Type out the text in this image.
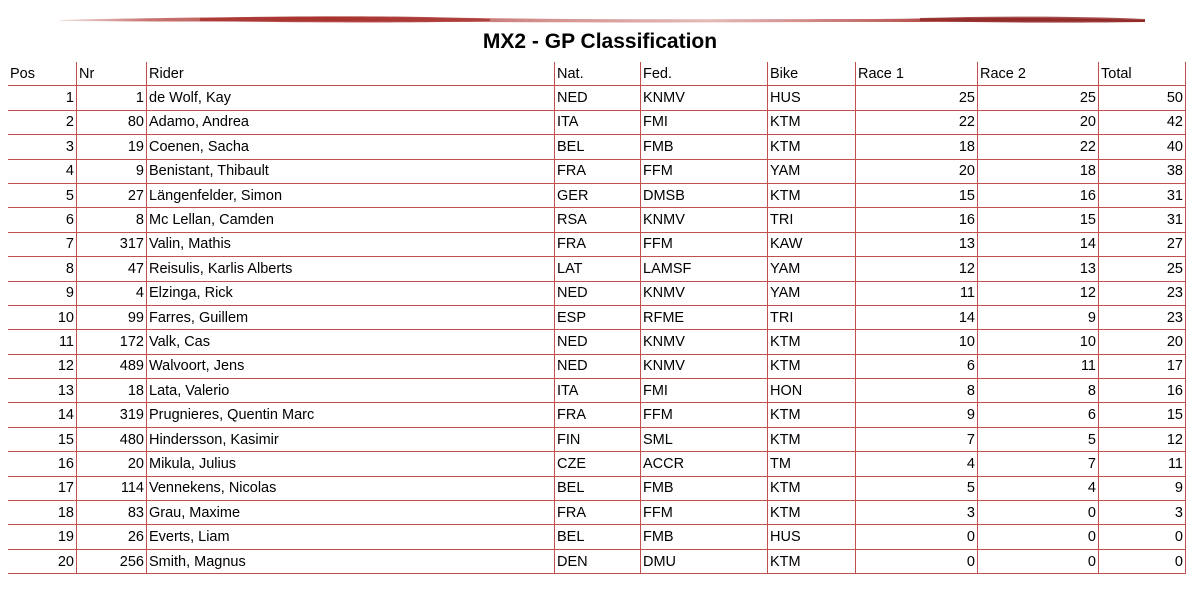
MX2 - GP Classification
Pos	Nr	Rider	Nat.	Fed.	Bike	Race 1	Race 2	Total
1	1	de Wolf, Kay	NED	KNMV	HUS	25	25	50
2	80	Adamo, Andrea	ITA	FMI	KTM	22	20	42
3	19	Coenen, Sacha	BEL	FMB	KTM	18	22	40
4	9	Benistant, Thibault	FRA	FFM	YAM	20	18	38
5	27	Längenfelder, Simon	GER	DMSB	KTM	15	16	31
6	8	Mc Lellan, Camden	RSA	KNMV	TRI	16	15	31
7	317	Valin, Mathis	FRA	FFM	KAW	13	14	27
8	47	Reisulis, Karlis Alberts	LAT	LAMSF	YAM	12	13	25
9	4	Elzinga, Rick	NED	KNMV	YAM	11	12	23
10	99	Farres, Guillem	ESP	RFME	TRI	14	9	23
11	172	Valk, Cas	NED	KNMV	KTM	10	10	20
12	489	Walvoort, Jens	NED	KNMV	KTM	6	11	17
13	18	Lata, Valerio	ITA	FMI	HON	8	8	16
14	319	Prugnieres, Quentin Marc	FRA	FFM	KTM	9	6	15
15	480	Hindersson, Kasimir	FIN	SML	KTM	7	5	12
16	20	Mikula, Julius	CZE	ACCR	TM	4	7	11
17	114	Vennekens, Nicolas	BEL	FMB	KTM	5	4	9
18	83	Grau, Maxime	FRA	FFM	KTM	3	0	3
19	26	Everts, Liam	BEL	FMB	HUS	0	0	0
20	256	Smith, Magnus	DEN	DMU	KTM	0	0	0
